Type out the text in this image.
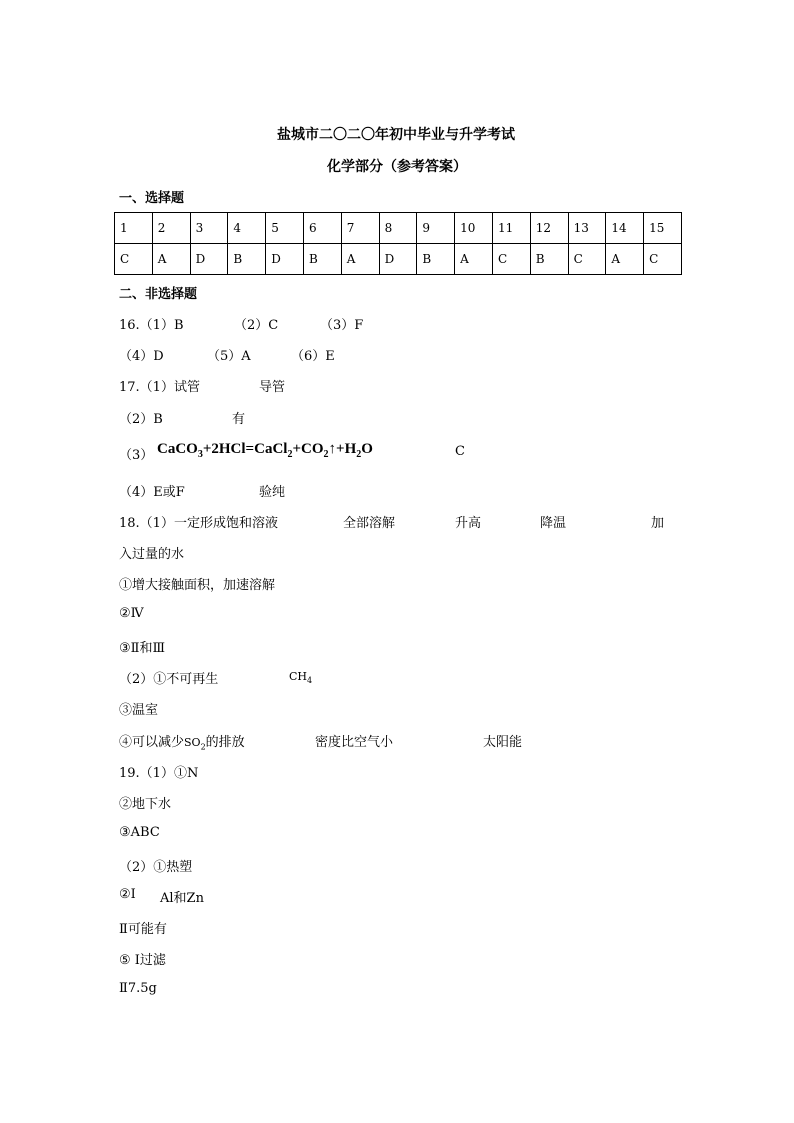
盐城市二〇二〇年初中毕业与升学考试
化学部分（参考答案）
一、选择题
1	2	3	4	5	6	7	8	9	10	11	12	13	14	15
C	A	D	B	D	B	A	D	B	A	C	B	C	A	C
二、非选择题
16.（1）B	（2）C	（3）F
（4）D	（5）A	（6）E
17.（1）试管	导管
（2）B	有
（3） $CaCO_3+2HCl=CaCl_2+CO_2↑+H_2O$	C
（4）E或F	验纯
18.（1）一定形成饱和溶液	全部溶解	升高	降温	加
入过量的水
①增大接触面积，加速溶解
②Ⅳ
③Ⅱ和Ⅲ
（2）①不可再生	$CH_4$
③温室
④可以减少$SO_2$的排放	密度比空气小	太阳能
19.（1）①N
②地下水
③ABC
（2）①热塑
②I Al和Zn
Ⅱ可能有
⑤ I过滤
Ⅱ7.5g
